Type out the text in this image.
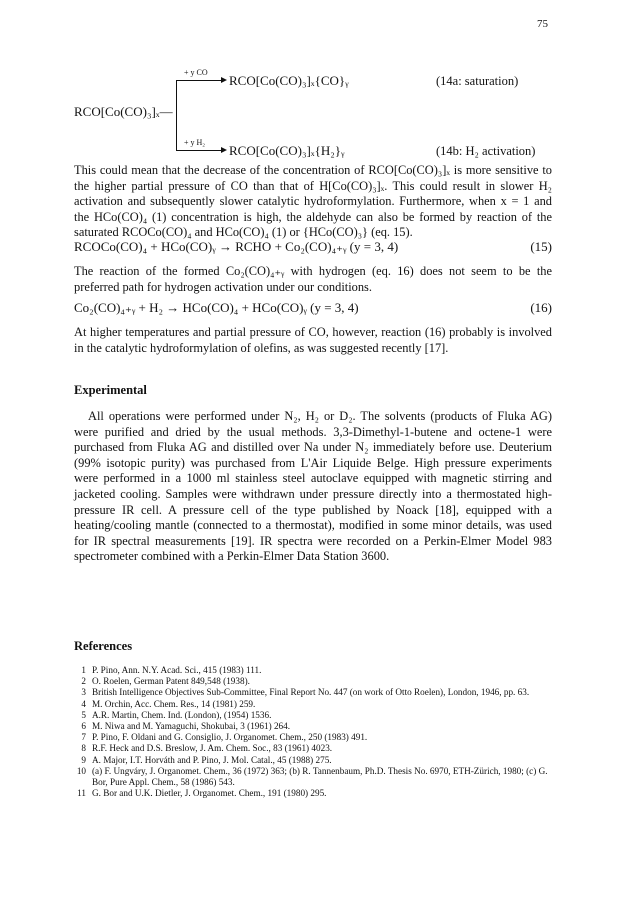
75
RCO[Co(CO)₃]ₓ—
+ y CO
+ y H₂
RCO[Co(CO)₃]ₓ{CO}ᵧ
RCO[Co(CO)₃]ₓ{H₂}ᵧ
(14a: saturation)
(14b: H₂ activation)
This could mean that the decrease of the concentration of RCO[Co(CO)₃]ₓ is more sensitive to the higher partial pressure of CO than that of H[Co(CO)₃]ₓ. This could result in slower H₂ activation and subsequently slower catalytic hydroformylation. Furthermore, when x = 1 and the HCo(CO)₄ (1) concentration is high, the aldehyde can also be formed by reaction of the saturated RCOCo(CO)₄ and HCo(CO)₄ (1) or {HCo(CO)₃} (eq. 15).
RCOCo(CO)₄ + HCo(CO)ᵧ → RCHO + Co₂(CO)₄₊ᵧ (y = 3, 4)	(15)
The reaction of the formed Co₂(CO)₄₊ᵧ with hydrogen (eq. 16) does not seem to be the preferred path for hydrogen activation under our conditions.
Co₂(CO)₄₊ᵧ + H₂ → HCo(CO)₄ + HCo(CO)ᵧ (y = 3, 4)	(16)
At higher temperatures and partial pressure of CO, however, reaction (16) probably is involved in the catalytic hydroformylation of olefins, as was suggested recently [17].
Experimental
All operations were performed under N₂, H₂ or D₂. The solvents (products of Fluka AG) were purified and dried by the usual methods. 3,3-Dimethyl-1-butene and octene-1 were purchased from Fluka AG and distilled over Na under N₂ immediately before use. Deuterium (99% isotopic purity) was purchased from L'Air Liquide Belge. High pressure experiments were performed in a 1000 ml stainless steel autoclave equipped with magnetic stirring and jacketed cooling. Samples were withdrawn under pressure directly into a thermostated high-pressure IR cell. A pressure cell of the type published by Noack [18], equipped with a heating/cooling mantle (connected to a thermostat), modified in some minor details, was used for IR spectral measurements [19]. IR spectra were recorded on a Perkin-Elmer Model 983 spectrometer combined with a Perkin-Elmer Data Station 3600.
References
1 P. Pino, Ann. N.Y. Acad. Sci., 415 (1983) 111.
2 O. Roelen, German Patent 849,548 (1938).
3 British Intelligence Objectives Sub-Committee, Final Report No. 447 (on work of Otto Roelen), London, 1946, pp. 63.
4 M. Orchin, Acc. Chem. Res., 14 (1981) 259.
5 A.R. Martin, Chem. Ind. (London), (1954) 1536.
6 M. Niwa and M. Yamaguchi, Shokubai, 3 (1961) 264.
7 P. Pino, F. Oldani and G. Consiglio, J. Organomet. Chem., 250 (1983) 491.
8 R.F. Heck and D.S. Breslow, J. Am. Chem. Soc., 83 (1961) 4023.
9 A. Major, I.T. Horváth and P. Pino, J. Mol. Catal., 45 (1988) 275.
10 (a) F. Ungváry, J. Organomet. Chem., 36 (1972) 363; (b) R. Tannenbaum, Ph.D. Thesis No. 6970, ETH-Zürich, 1980; (c) G. Bor, Pure Appl. Chem., 58 (1986) 543.
11 G. Bor and U.K. Dietler, J. Organomet. Chem., 191 (1980) 295.
